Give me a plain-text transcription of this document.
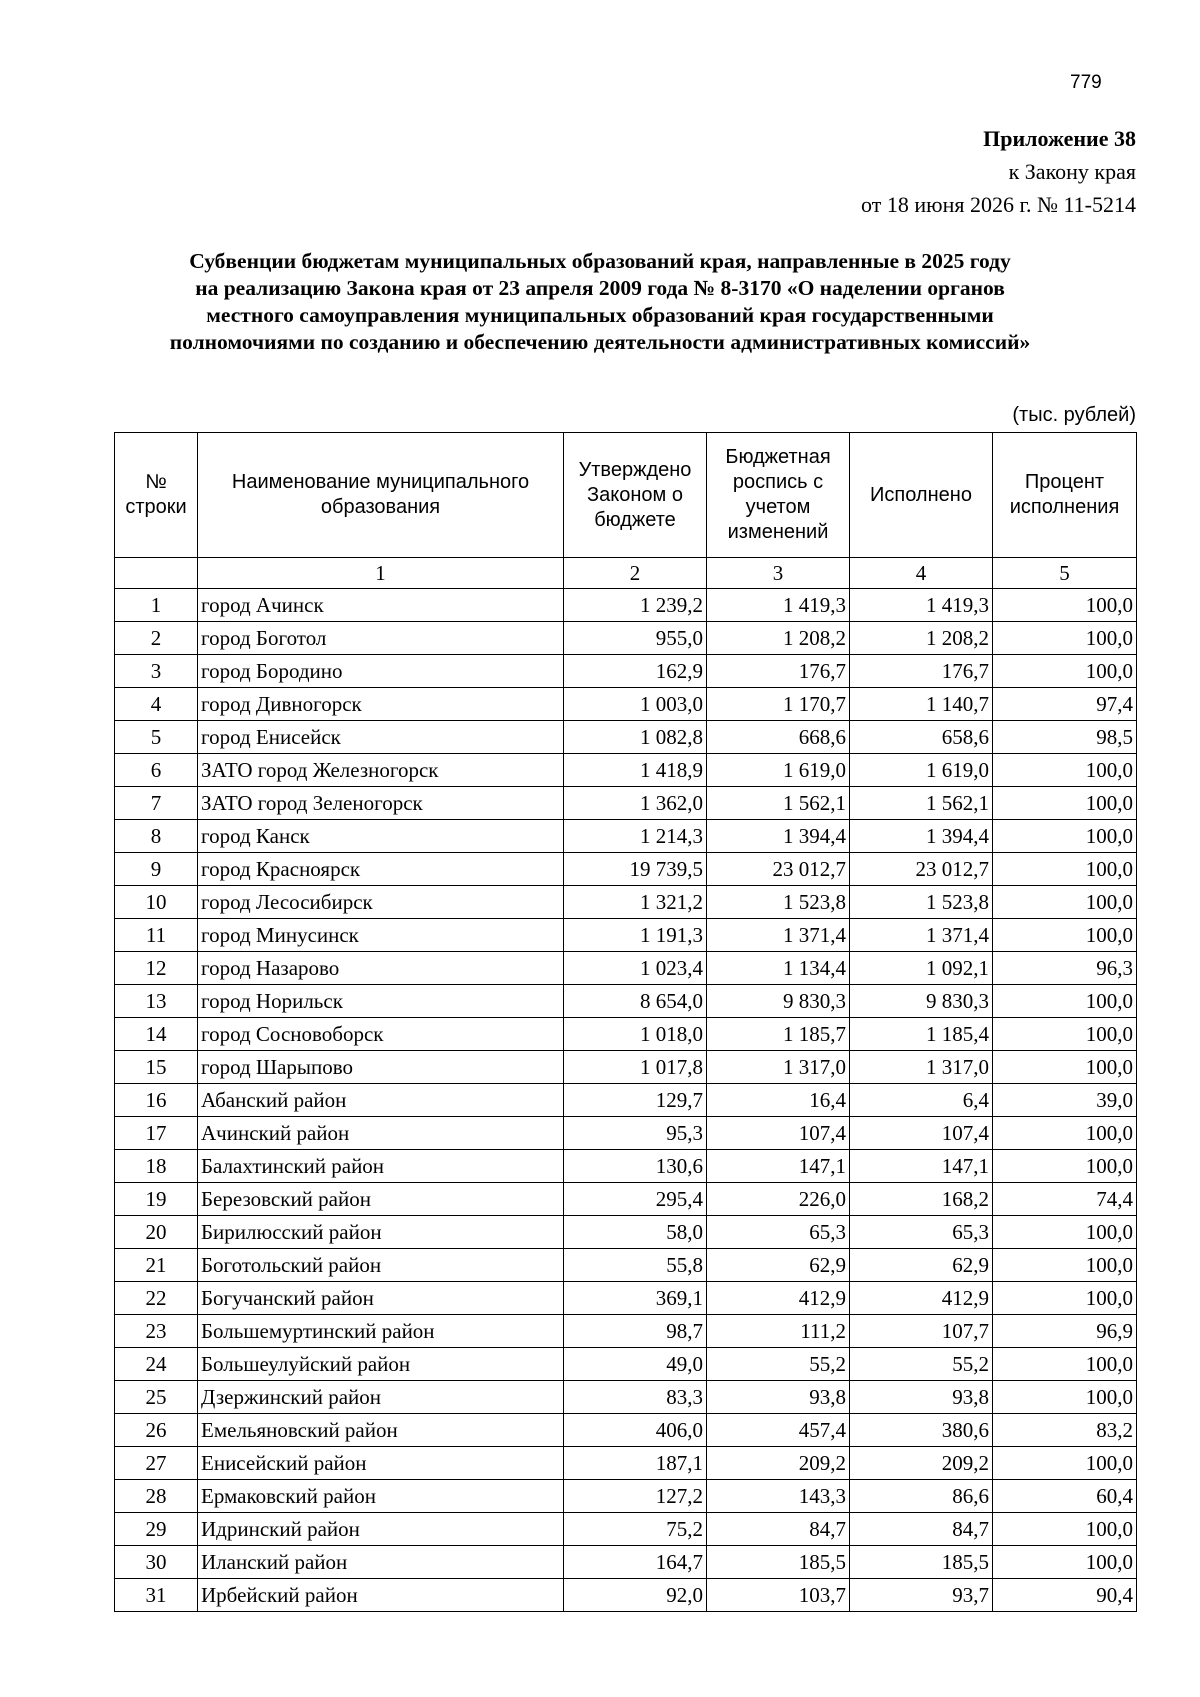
779
Приложение 38
к Закону края
от 18 июня 2026 г. № 11-5214
Субвенции бюджетам муниципальных образований края, направленные в 2025 году
на реализацию Закона края от 23 апреля 2009 года № 8-3170 «О наделении органов
местного самоуправления муниципальных образований края государственными
полномочиями по созданию и обеспечению деятельности административных комиссий»
(тыс. рублей)
№ строки	Наименование муниципального образования	Утверждено Законом о бюджете	Бюджетная роспись с учетом изменений	Исполнено	Процент исполнения
	1	2	3	4	5
1	город Ачинск	1 239,2	1 419,3	1 419,3	100,0
2	город Боготол	955,0	1 208,2	1 208,2	100,0
3	город Бородино	162,9	176,7	176,7	100,0
4	город Дивногорск	1 003,0	1 170,7	1 140,7	97,4
5	город Енисейск	1 082,8	668,6	658,6	98,5
6	ЗАТО город Железногорск	1 418,9	1 619,0	1 619,0	100,0
7	ЗАТО город Зеленогорск	1 362,0	1 562,1	1 562,1	100,0
8	город Канск	1 214,3	1 394,4	1 394,4	100,0
9	город Красноярск	19 739,5	23 012,7	23 012,7	100,0
10	город Лесосибирск	1 321,2	1 523,8	1 523,8	100,0
11	город Минусинск	1 191,3	1 371,4	1 371,4	100,0
12	город Назарово	1 023,4	1 134,4	1 092,1	96,3
13	город Норильск	8 654,0	9 830,3	9 830,3	100,0
14	город Сосновоборск	1 018,0	1 185,7	1 185,4	100,0
15	город Шарыпово	1 017,8	1 317,0	1 317,0	100,0
16	Абанский район	129,7	16,4	6,4	39,0
17	Ачинский район	95,3	107,4	107,4	100,0
18	Балахтинский район	130,6	147,1	147,1	100,0
19	Березовский район	295,4	226,0	168,2	74,4
20	Бирилюсский район	58,0	65,3	65,3	100,0
21	Боготольский район	55,8	62,9	62,9	100,0
22	Богучанский район	369,1	412,9	412,9	100,0
23	Большемуртинский район	98,7	111,2	107,7	96,9
24	Большеулуйский район	49,0	55,2	55,2	100,0
25	Дзержинский район	83,3	93,8	93,8	100,0
26	Емельяновский район	406,0	457,4	380,6	83,2
27	Енисейский район	187,1	209,2	209,2	100,0
28	Ермаковский район	127,2	143,3	86,6	60,4
29	Идринский район	75,2	84,7	84,7	100,0
30	Иланский район	164,7	185,5	185,5	100,0
31	Ирбейский район	92,0	103,7	93,7	90,4
